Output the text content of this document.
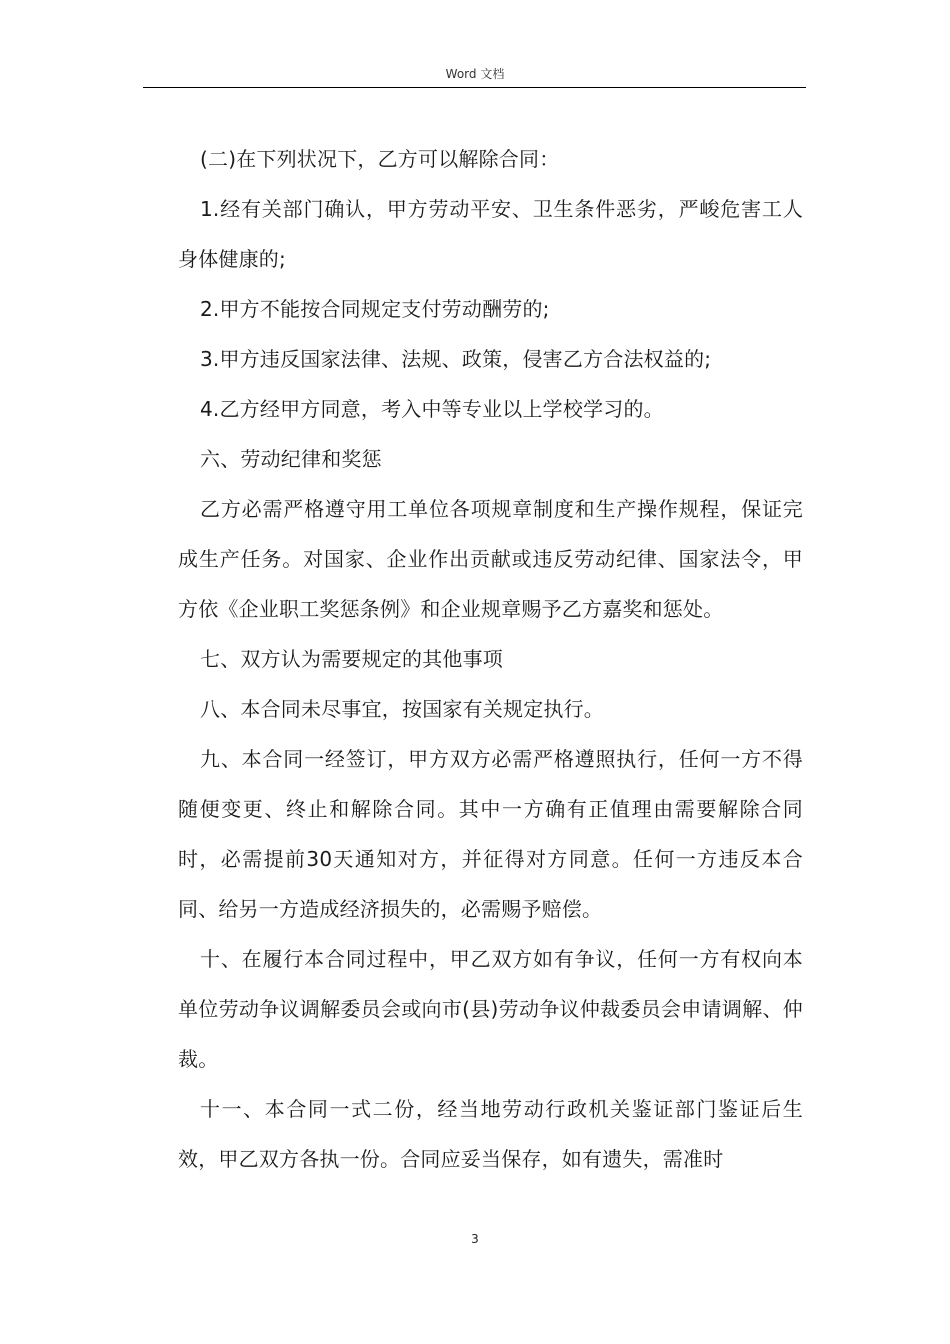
Word 文档

(二)在下列状况下，乙方可以解除合同：

1.经有关部门确认，甲方劳动平安、卫生条件恶劣，严峻危害工人身体健康的;

2.甲方不能按合同规定支付劳动酬劳的;

3.甲方违反国家法律、法规、政策，侵害乙方合法权益的;

4.乙方经甲方同意，考入中等专业以上学校学习的。

六、劳动纪律和奖惩

乙方必需严格遵守用工单位各项规章制度和生产操作规程，保证完成生产任务。对国家、企业作出贡献或违反劳动纪律、国家法令，甲方依《企业职工奖惩条例》和企业规章赐予乙方嘉奖和惩处。

七、双方认为需要规定的其他事项

八、本合同未尽事宜，按国家有关规定执行。

九、本合同一经签订，甲方双方必需严格遵照执行，任何一方不得随便变更、终止和解除合同。其中一方确有正值理由需要解除合同时，必需提前30天通知对方，并征得对方同意。任何一方违反本合同、给另一方造成经济损失的，必需赐予赔偿。

十、在履行本合同过程中，甲乙双方如有争议，任何一方有权向本单位劳动争议调解委员会或向市(县)劳动争议仲裁委员会申请调解、仲裁。

十一、本合同一式二份，经当地劳动行政机关鉴证部门鉴证后生效，甲乙双方各执一份。合同应妥当保存，如有遗失，需准时

3
